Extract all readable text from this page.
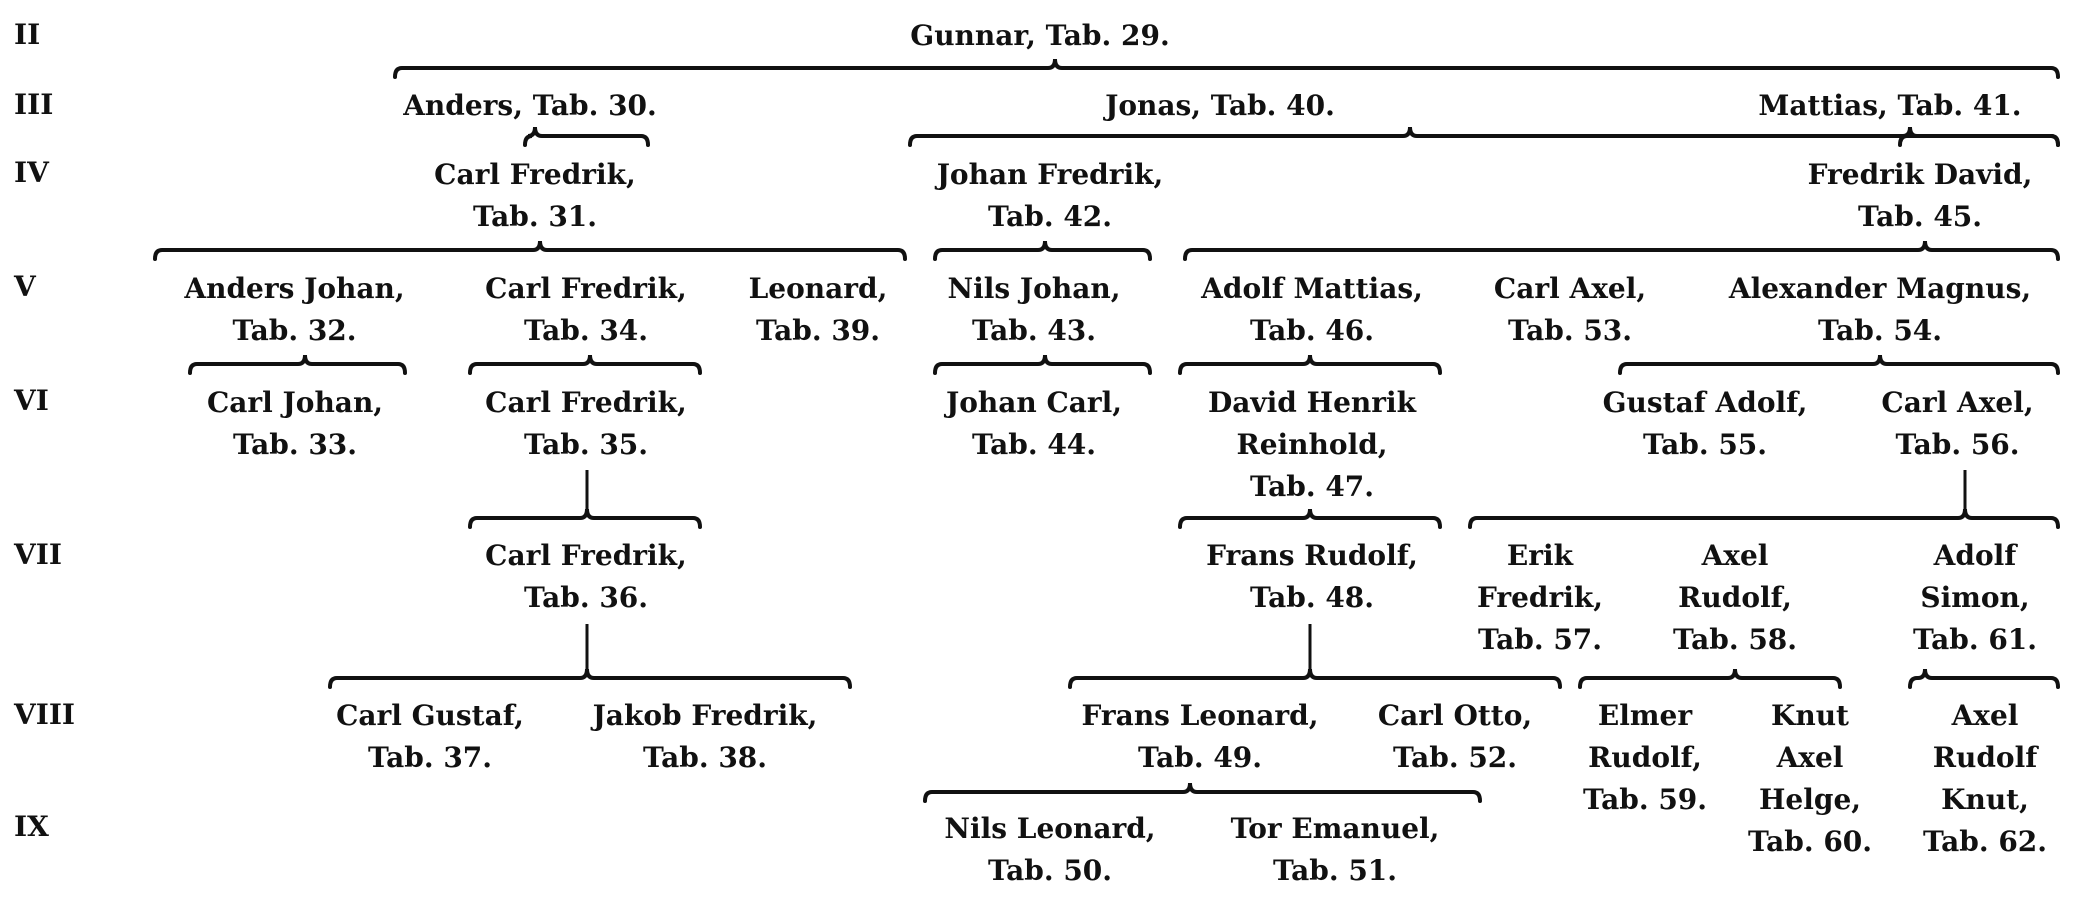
II
III
IV
V
VI
VII
VIII
IX
Gunnar, Tab. 29.
Anders, Tab. 30.	Jonas, Tab. 40.	Mattias, Tab. 41.
Carl Fredrik,
Tab. 31.
Johan Fredrik,
Tab. 42.
Fredrik David,
Tab. 45.
Anders Johan,
Tab. 32.
Carl Fredrik,
Tab. 34.
Leonard,
Tab. 39.
Nils Johan,
Tab. 43.
Adolf Mattias,
Tab. 46.
Carl Axel,
Tab. 53.
Alexander Magnus,
Tab. 54.
Carl Johan,
Tab. 33.
Carl Fredrik,
Tab. 35.
Johan Carl,
Tab. 44.
David Henrik
Reinhold,
Tab. 47.
Gustaf Adolf,
Tab. 55.
Carl Axel,
Tab. 56.
Carl Fredrik,
Tab. 36.
Frans Rudolf,
Tab. 48.
Erik
Fredrik,
Tab. 57.
Axel
Rudolf,
Tab. 58.
Adolf
Simon,
Tab. 61.
Carl Gustaf,
Tab. 37.
Jakob Fredrik,
Tab. 38.
Frans Leonard,
Tab. 49.
Carl Otto,
Tab. 52.
Elmer
Rudolf,
Tab. 59.
Knut
Axel
Helge,
Tab. 60.
Axel
Rudolf
Knut,
Tab. 62.
Nils Leonard,
Tab. 50.
Tor Emanuel,
Tab. 51.
